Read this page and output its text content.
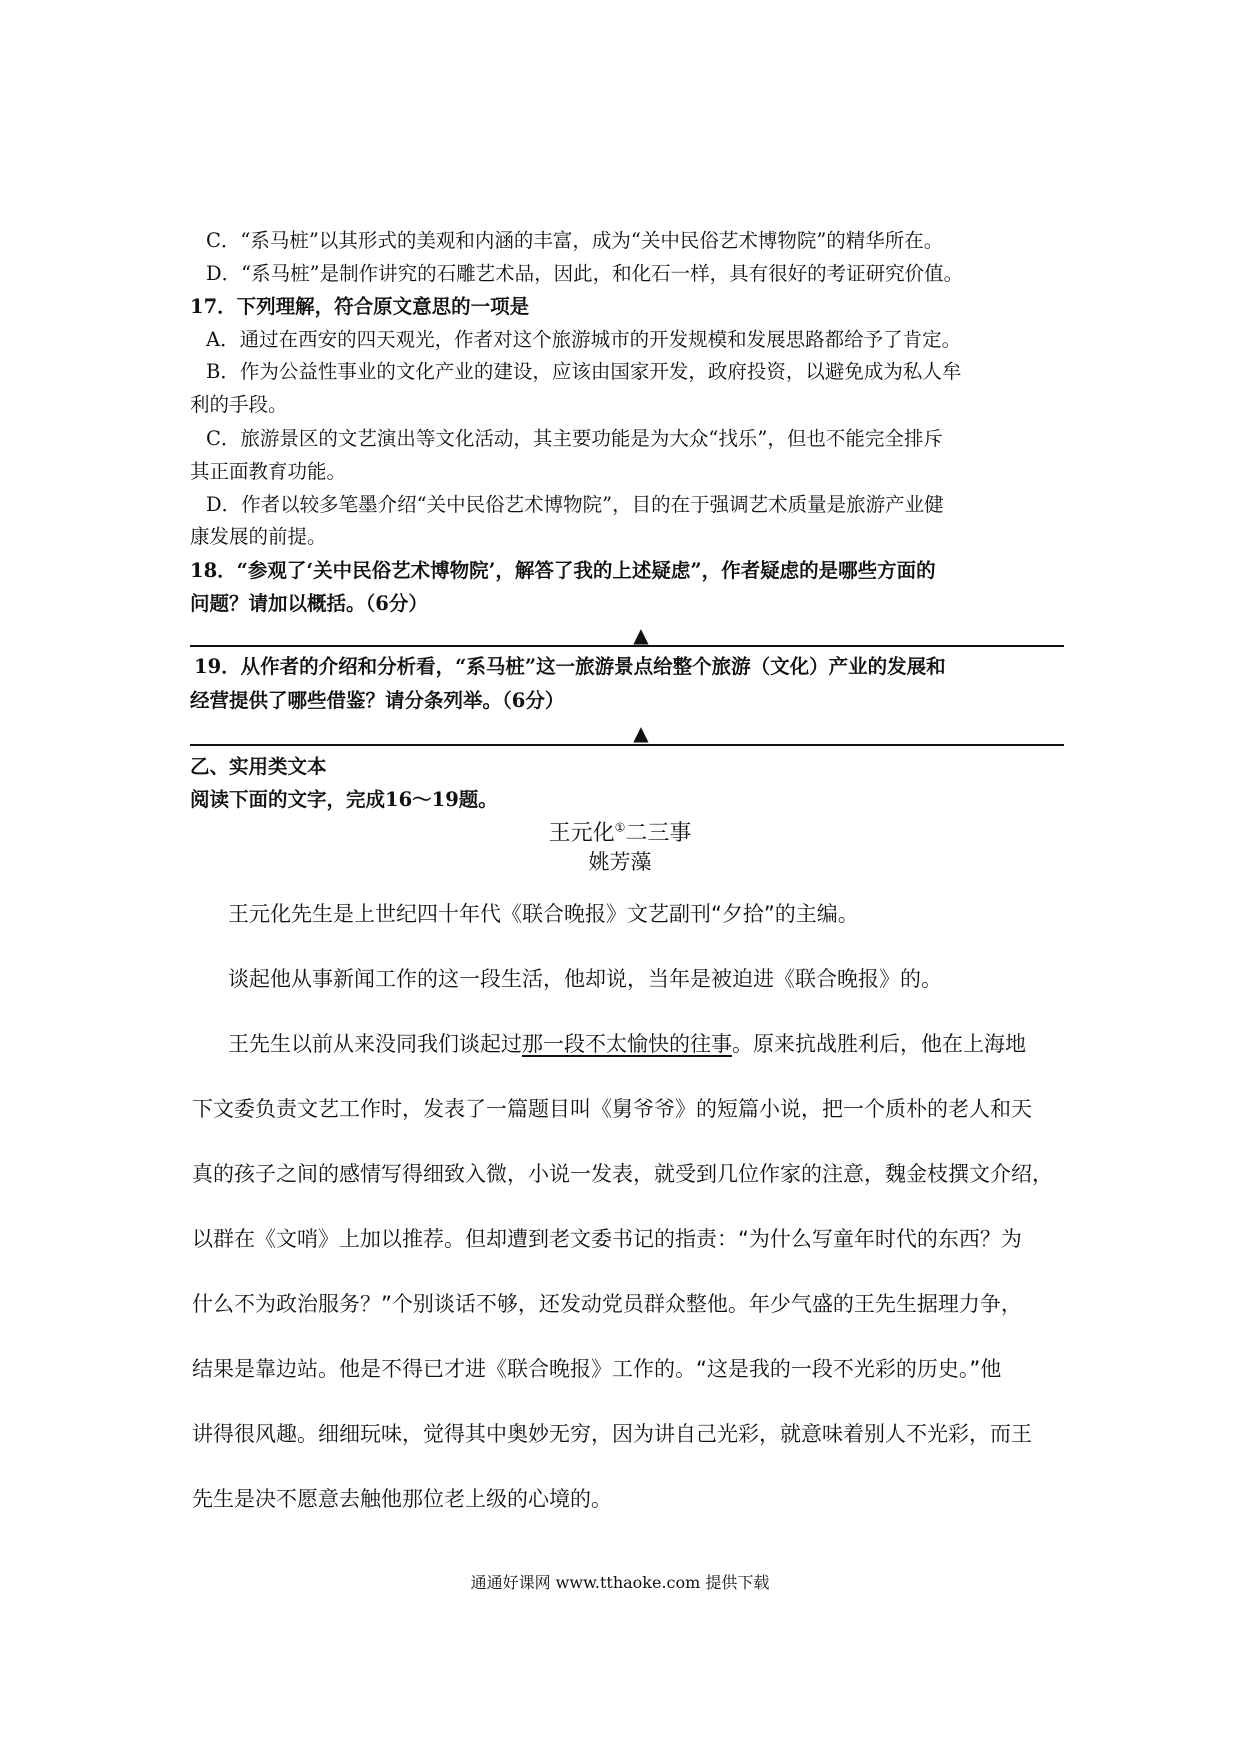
C．“系马桩”以其形式的美观和内涵的丰富，成为“关中民俗艺术博物院”的精华所在。
D．“系马桩”是制作讲究的石雕艺术品，因此，和化石一样，具有很好的考证研究价值。
17．下列理解，符合原文意思的一项是
A．通过在西安的四天观光，作者对这个旅游城市的开发规模和发展思路都给予了肯定。
B．作为公益性事业的文化产业的建设，应该由国家开发，政府投资，以避免成为私人牟
利的手段。
C．旅游景区的文艺演出等文化活动，其主要功能是为大众“找乐”，但也不能完全排斥
其正面教育功能。
D．作者以较多笔墨介绍“关中民俗艺术博物院”，目的在于强调艺术质量是旅游产业健
康发展的前提。
18．“参观了‘关中民俗艺术博物院’，解答了我的上述疑虑”，作者疑虑的是哪些方面的
问题？请加以概括。（6分）
▲
19．从作者的介绍和分析看，“系马桩”这一旅游景点给整个旅游（文化）产业的发展和
经营提供了哪些借鉴？请分条列举。（6分）
▲
乙、实用类文本
阅读下面的文字，完成16～19题。
王元化①二三事
姚芳藻
王元化先生是上世纪四十年代《联合晚报》文艺副刊“夕拾”的主编。
谈起他从事新闻工作的这一段生活，他却说，当年是被迫进《联合晚报》的。
王先生以前从来没同我们谈起过那一段不太愉快的往事。原来抗战胜利后，他在上海地
下文委负责文艺工作时，发表了一篇题目叫《舅爷爷》的短篇小说，把一个质朴的老人和天
真的孩子之间的感情写得细致入微，小说一发表，就受到几位作家的注意，魏金枝撰文介绍，
以群在《文哨》上加以推荐。但却遭到老文委书记的指责：“为什么写童年时代的东西？为
什么不为政治服务？”个别谈话不够，还发动党员群众整他。年少气盛的王先生据理力争，
结果是靠边站。他是不得已才进《联合晚报》工作的。“这是我的一段不光彩的历史。”他
讲得很风趣。细细玩味，觉得其中奥妙无穷，因为讲自己光彩，就意味着别人不光彩，而王
先生是决不愿意去触他那位老上级的心境的。
通通好课网 www.tthaoke.com 提供下载
